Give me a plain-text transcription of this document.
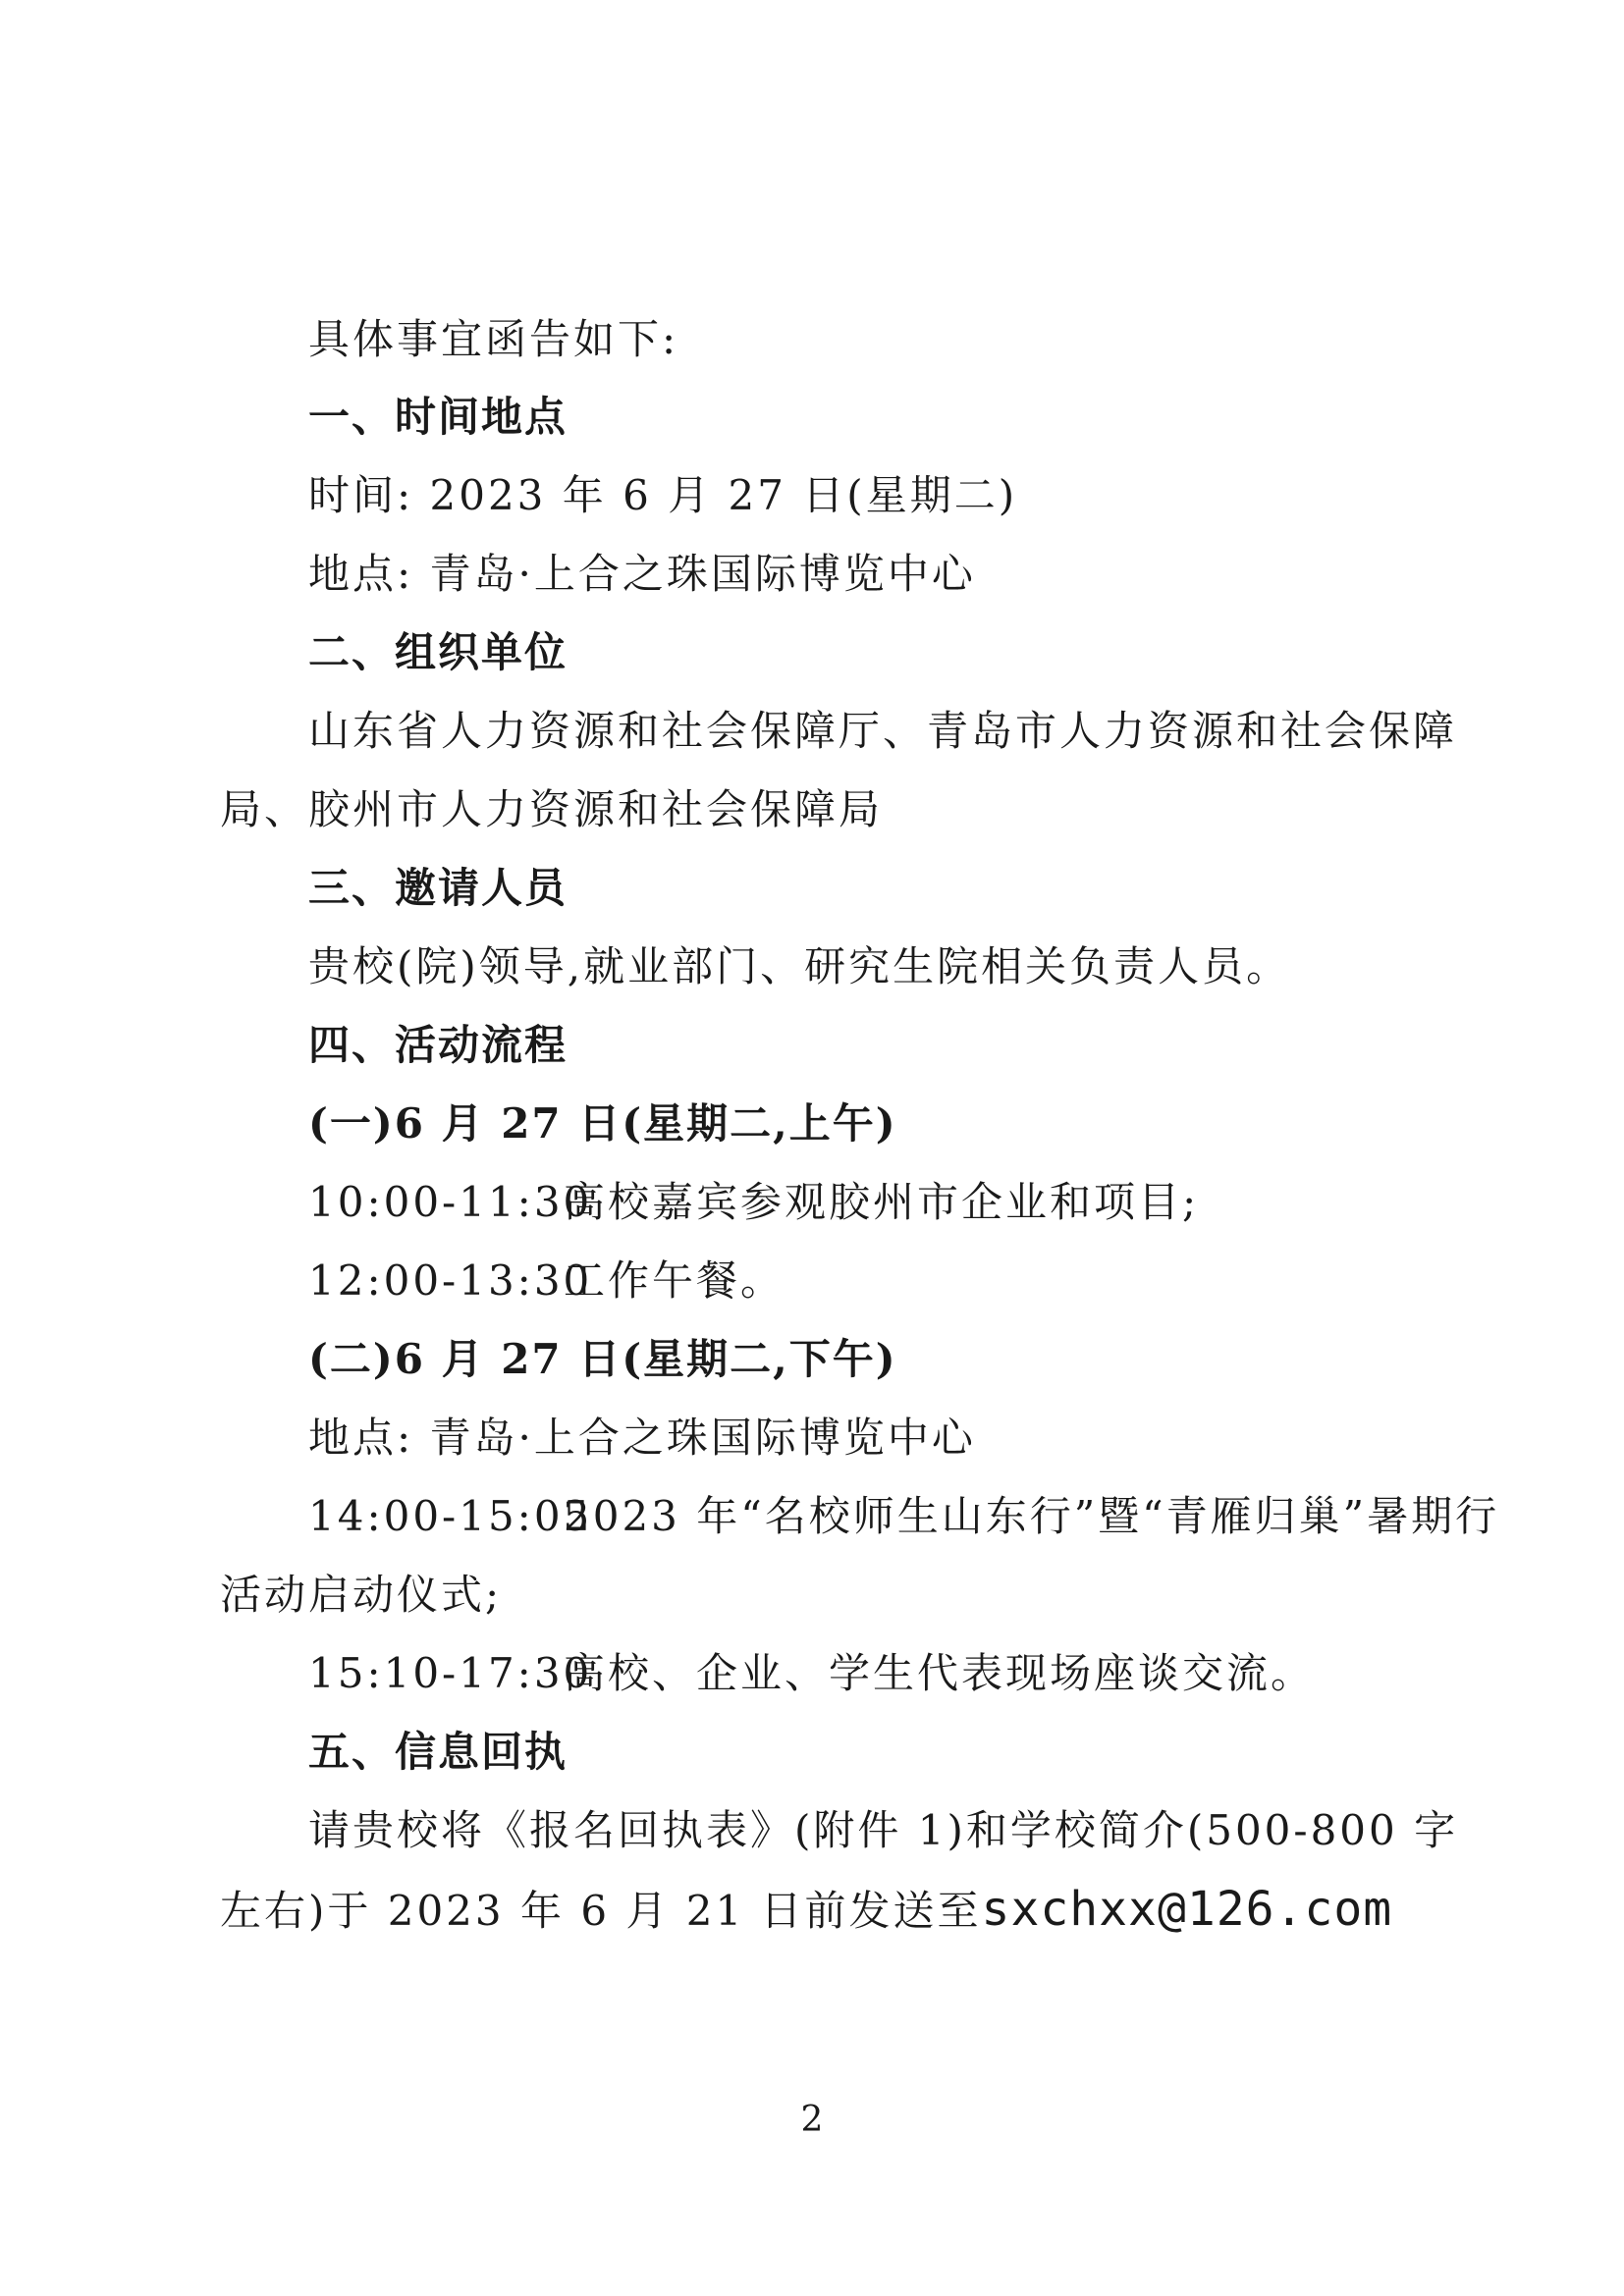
具体事宜函告如下:
一、时间地点
时间: 2023 年 6 月 27 日(星期二)
地点: 青岛·上合之珠国际博览中心
二、组织单位
山东省人力资源和社会保障厅、青岛市人力资源和社会保障
局、胶州市人力资源和社会保障局
三、邀请人员
贵校(院)领导,就业部门、研究生院相关负责人员。
四、活动流程
(一)6 月 27 日(星期二,上午)
10:00-11:30高校嘉宾参观胶州市企业和项目;
12:00-13:30工作午餐。
(二)6 月 27 日(星期二,下午)
地点: 青岛·上合之珠国际博览中心
14:00-15:052023 年“名校师生山东行”暨“青雁归巢”暑期行
活动启动仪式;
15:10-17:30高校、企业、学生代表现场座谈交流。
五、信息回执
请贵校将《报名回执表》(附件 1)和学校简介(500-800 字
左右)于 2023 年 6 月 21 日前发送至sxchxx@126.com
2
